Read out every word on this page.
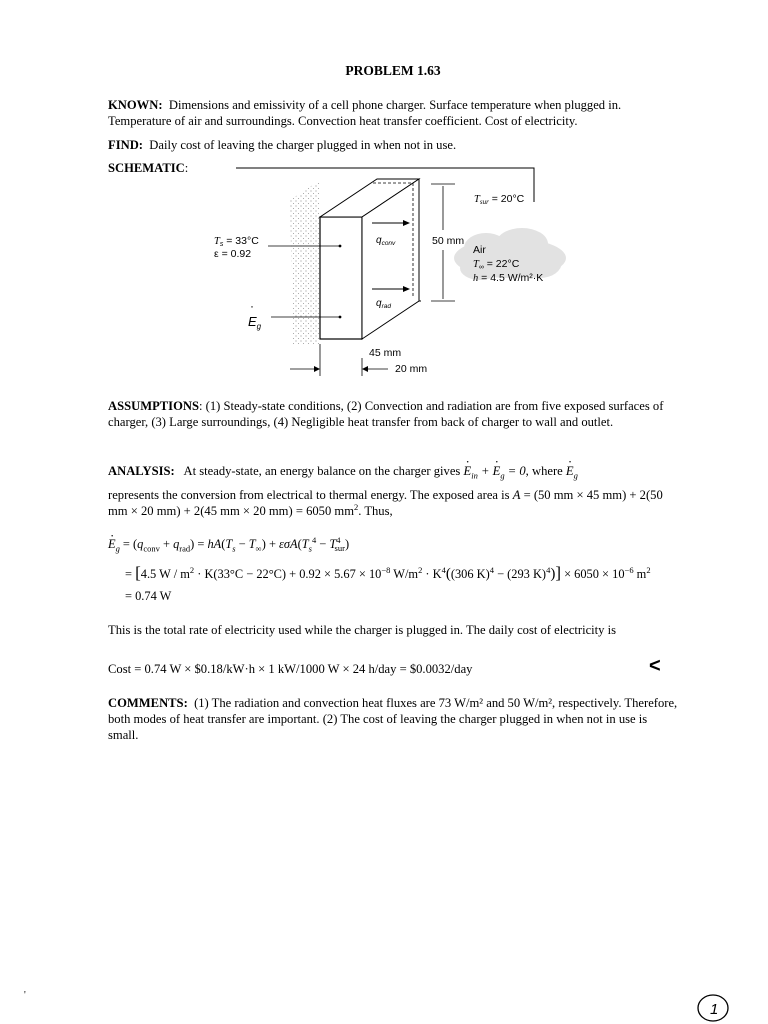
PROBLEM 1.63
KNOWN: Dimensions and emissivity of a cell phone charger. Surface temperature when plugged in. Temperature of air and surroundings. Convection heat transfer coefficient. Cost of electricity.
FIND: Daily cost of leaving the charger plugged in when not in use.
SCHEMATIC:
Tsur = 20°C
Ts = 33°C
ε = 0.92
$q_{conv}$
$q_{rad}$
50 mm
Air
T∞ = 22°C
h = 4.5 W/m²·K
$E_g$
·
45 mm
20 mm
ASSUMPTIONS: (1) Steady-state conditions, (2) Convection and radiation are from five exposed surfaces of charger, (3) Large surroundings, (4) Negligible heat transfer from back of charger to wall and outlet.
ANALYSIS: At steady-state, an energy balance on the charger gives · $E_{in}$ + · $E_g = 0$, where · $E_g$
represents the conversion from electrical to thermal energy. The exposed area is A = (50 mm × 45 mm) + 2(50 mm × 20 mm) + 2(45 mm × 20 mm) = 6050 $mm^2$. Thus,
· $E_g = (q_{conv} + q_{rad}) = hA(T_s - T_\infty) + \varepsilon\sigma A(T_s^4 - T^4_{sur})$
= [4.5 $W / m^2 \cdot K(33^\circ C - 22^\circ C) + 0.92 \times 5.67 \times 10^{-8}$ $W/m^2 \cdot K^4((306$ K)$^4$ − (293 $K)^4)] \times 6050 \times 10^{-6}$ $m^2$
= 0.74 W
This is the total rate of electricity used while the charger is plugged in. The daily cost of electricity is
Cost = 0.74 W × $0.18/kW·h × 1 kW/1000 W × 24 h/day = $0.0032/day	<
COMMENTS: (1) The radiation and convection heat fluxes are 73 W/m² and 50 W/m², respectively. Therefore, both modes of heat transfer are important. (2) The cost of leaving the charger plugged in when not in use is small.
'
1
